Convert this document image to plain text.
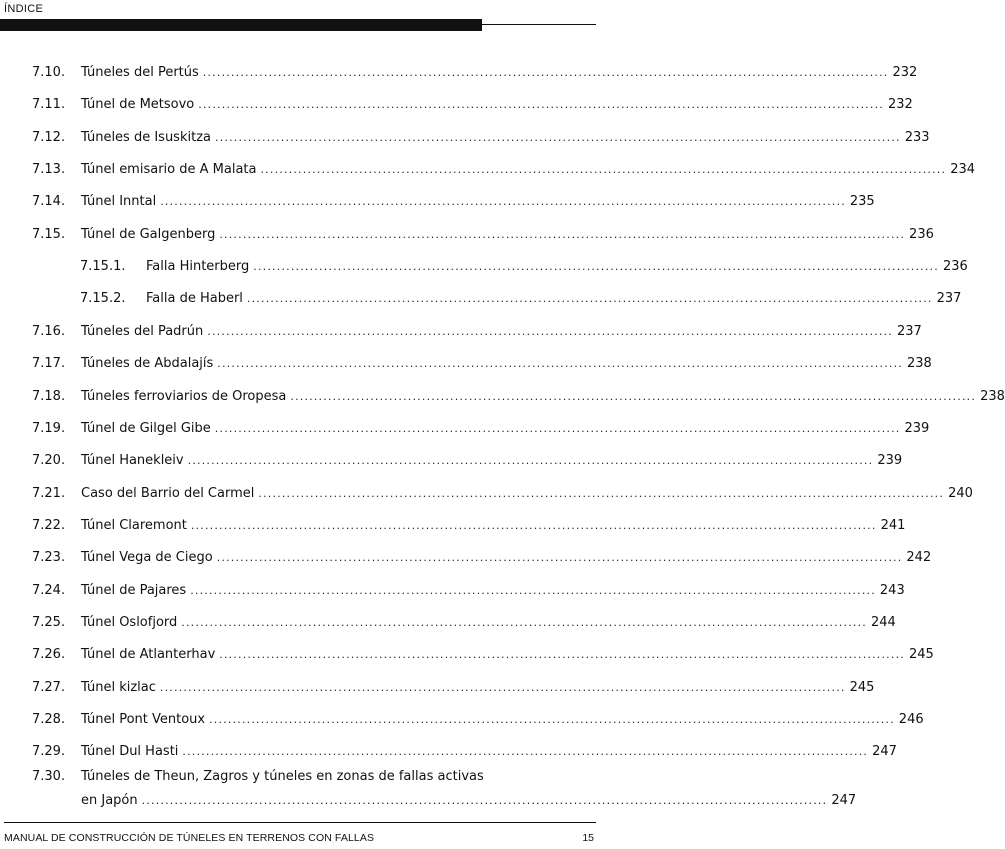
ÍNDICE
7.10.	Túneles del Pertús .................................................................................................................................................. 232
7.11.	Túnel de Metsovo .................................................................................................................................................. 232
7.12.	Túneles de Isuskitza .................................................................................................................................................. 233
7.13.	Túnel emisario de A Malata .................................................................................................................................................. 234
7.14.	Túnel Inntal .................................................................................................................................................. 235
7.15.	Túnel de Galgenberg .................................................................................................................................................. 236
7.15.1.	Falla Hinterberg .................................................................................................................................................. 236
7.15.2.	Falla de Haberl .................................................................................................................................................. 237
7.16.	Túneles del Padrún .................................................................................................................................................. 237
7.17.	Túneles de Abdalajís .................................................................................................................................................. 238
7.18.	Túneles ferroviarios de Oropesa .................................................................................................................................................. 238
7.19.	Túnel de Gilgel Gibe .................................................................................................................................................. 239
7.20.	Túnel Hanekleiv .................................................................................................................................................. 239
7.21.	Caso del Barrio del Carmel .................................................................................................................................................. 240
7.22.	Túnel Claremont .................................................................................................................................................. 241
7.23.	Túnel Vega de Ciego .................................................................................................................................................. 242
7.24.	Túnel de Pajares .................................................................................................................................................. 243
7.25.	Túnel Oslofjord .................................................................................................................................................. 244
7.26.	Túnel de Atlanterhav .................................................................................................................................................. 245
7.27.	Túnel kizlac .................................................................................................................................................. 245
7.28.	Túnel Pont Ventoux .................................................................................................................................................. 246
7.29.	Túnel Dul Hasti .................................................................................................................................................. 247
7.30.	Túneles de Theun, Zagros y túneles en zonas de fallas activas
en Japón .................................................................................................................................................. 247
MANUAL DE CONSTRUCCIÓN DE TÚNELES EN TERRENOS CON FALLAS	15
